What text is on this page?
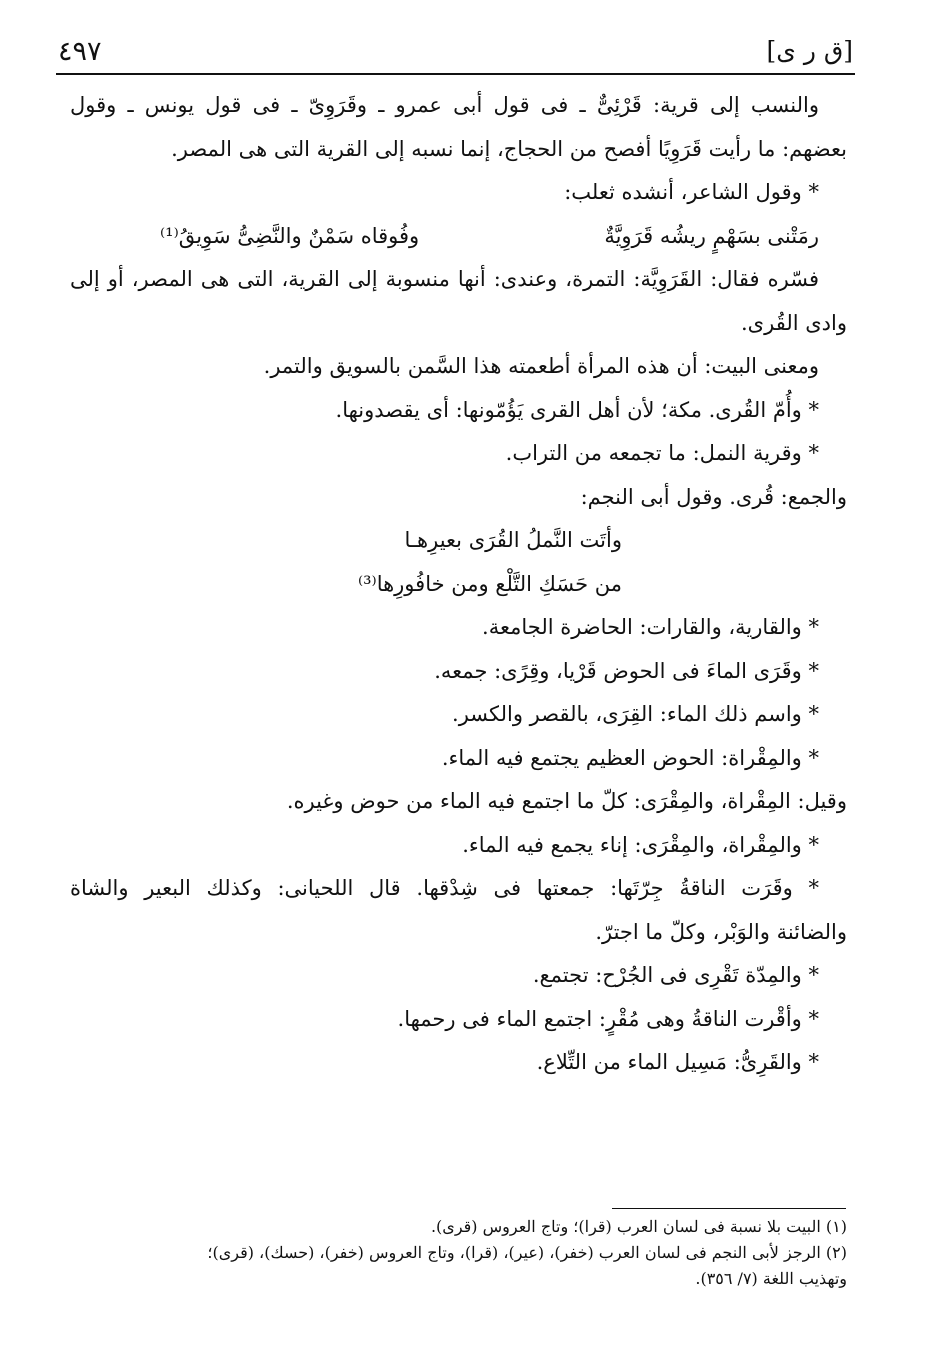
٤٩٧	[ق ر ى]

والنسب إلى قرية: قَرْئِىٌّ ـ فى قول أبى عمرو ـ وقَرَوِىّ ـ فى قول يونس ـ وقول

بعضهم: ما رأيت قَرَوِيًا أفصح من الحجاج، إنما نسبه إلى القرية التى هى المصر.

* وقول الشاعر، أنشده ثعلب:

رمَتْنى بسَهْمٍ ريشُه قَرَوِيَّةٌ
وفُوقاه سَمْنٌ والنَّضِىُّ سَوِيقُ⁽¹⁾

فسّره فقال: القَرَوِيَّة: التمرة، وعندى: أنها منسوبة إلى القرية، التى هى المصر، أو إلى

وادى القُرى.

ومعنى البيت: أن هذه المرأة أطعمته هذا السَّمن بالسويق والتمر.

* وأُمّ القُرى. مكة؛ لأن أهل القرى يَؤُمّونها: أى يقصدونها.

* وقرية النمل: ما تجمعه من التراب.

والجمع: قُرى. وقول أبى النجم:

وأتَت النَّملُ القُرَى بعيرِهـا

من حَسَكِ التَّلْع ومن خافُورِها⁽³⁾

* والقارية، والقارات: الحاضرة الجامعة.

* وقَرَى الماءَ فى الحوض قَرْيا، وقِرًى: جمعه.

* واسم ذلك الماء: القِرَى، بالقصر والكسر.

* والمِقْراة: الحوض العظيم يجتمع فيه الماء.

وقيل: المِقْراة، والمِقْرَى: كلّ ما اجتمع فيه الماء من حوض وغيره.

* والمِقْراة، والمِقْرَى: إناء يجمع فيه الماء.

* وقَرَت الناقةُ جِرّتَها: جمعتها فى شِدْقها. قال اللحيانى: وكذلك البعير والشاة

والضائنة والوَبْر، وكلّ ما اجترّ.

* والمِدّة تَقْرِى فى الجُرْح: تجتمع.

* وأقْرت الناقةُ وهى مُقْرٍ: اجتمع الماء فى رحمها.

* والقَرِىُّ: مَسِيل الماء من التِّلاع.

(١) البيت بلا نسبة فى لسان العرب (قرا)؛ وتاج العروس (قرى).

(٢) الرجز لأبى النجم فى لسان العرب (خفر)، (عير)، (قرا)، وتاج العروس (خفر)، (حسك)، (قرى)؛

وتهذيب اللغة (٧/ ٣٥٦).
